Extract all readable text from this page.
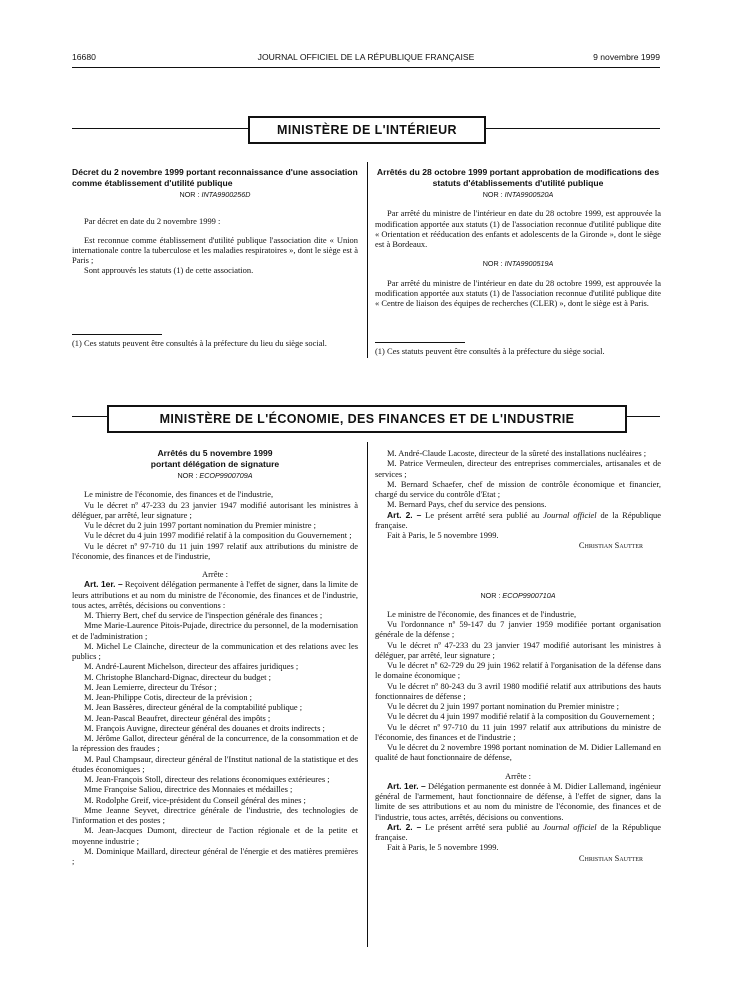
16680	JOURNAL OFFICIEL DE LA RÉPUBLIQUE FRANÇAISE	9 novembre 1999
MINISTÈRE DE L'INTÉRIEUR
Décret du 2 novembre 1999 portant reconnaissance d'une association comme établissement d'utilité publique
NOR : INTA9900256D

Par décret en date du 2 novembre 1999 :

Est reconnue comme établissement d'utilité publique l'association dite « Union internationale contre la tuberculose et les maladies respiratoires », dont le siège est à Paris ;

Sont approuvés les statuts (1) de cette association.

(1) Ces statuts peuvent être consultés à la préfecture du lieu du siège social.

Arrêtés du 28 octobre 1999 portant approbation de modifications des statuts d'établissements d'utilité publique
NOR : INTA9900520A

Par arrêté du ministre de l'intérieur en date du 28 octobre 1999, est approuvée la modification apportée aux statuts (1) de l'association reconnue d'utilité publique dite « Orientation et rééducation des enfants et adolescents de la Gironde », dont le siège est à Bordeaux.

NOR : INTA9900519A

Par arrêté du ministre de l'intérieur en date du 28 octobre 1999, est approuvée la modification apportée aux statuts (1) de l'association reconnue d'utilité publique dite « Centre de liaison des équipes de recherches (CLER) », dont le siège est à Paris.

(1) Ces statuts peuvent être consultés à la préfecture du siège social.

MINISTÈRE DE L'ÉCONOMIE, DES FINANCES ET DE L'INDUSTRIE
Arrêtés du 5 novembre 1999
portant délégation de signature
NOR : ECOP9900709A

Le ministre de l'économie, des finances et de l'industrie,

Vu le décret nº 47-233 du 23 janvier 1947 modifié autorisant les ministres à déléguer, par arrêté, leur signature ;

Vu le décret du 2 juin 1997 portant nomination du Premier ministre ;

Vu le décret du 4 juin 1997 modifié relatif à la composition du Gouvernement ;

Vu le décret nº 97-710 du 11 juin 1997 relatif aux attributions du ministre de l'économie, des finances et de l'industrie,

Arrête :

Art. 1er. – Reçoivent délégation permanente à l'effet de signer, dans la limite de leurs attributions et au nom du ministre de l'économie, des finances et de l'industrie, tous actes, arrêtés, décisions ou conventions :

M. Thierry Bert, chef du service de l'inspection générale des finances ;

Mme Marie-Laurence Pitois-Pujade, directrice du personnel, de la modernisation et de l'administration ;

M. Michel Le Clainche, directeur de la communication et des relations avec les publics ;

M. André-Laurent Michelson, directeur des affaires juridiques ;

M. Christophe Blanchard-Dignac, directeur du budget ;

M. Jean Lemierre, directeur du Trésor ;

M. Jean-Philippe Cotis, directeur de la prévision ;

M. Jean Bassères, directeur général de la comptabilité publique ;

M. Jean-Pascal Beaufret, directeur général des impôts ;

M. François Auvigne, directeur général des douanes et droits indirects ;

M. Jérôme Gallot, directeur général de la concurrence, de la consommation et de la répression des fraudes ;

M. Paul Champsaur, directeur général de l'Institut national de la statistique et des études économiques ;

M. Jean-François Stoll, directeur des relations économiques extérieures ;

Mme Françoise Saliou, directrice des Monnaies et médailles ;

M. Rodolphe Greif, vice-président du Conseil général des mines ;

Mme Jeanne Seyvet, directrice générale de l'industrie, des technologies de l'information et des postes ;

M. Jean-Jacques Dumont, directeur de l'action régionale et de la petite et moyenne industrie ;

M. Dominique Maillard, directeur général de l'énergie et des matières premières ;

M. André-Claude Lacoste, directeur de la sûreté des installations nucléaires ;

M. Patrice Vermeulen, directeur des entreprises commerciales, artisanales et de services ;

M. Bernard Schaefer, chef de mission de contrôle économique et financier, chargé du service du contrôle d'Etat ;

M. Bernard Pays, chef du service des pensions.

Art. 2. – Le présent arrêté sera publié au Journal officiel de la République française.

Fait à Paris, le 5 novembre 1999.

Christian Sautter

NOR : ECOP9900710A

Le ministre de l'économie, des finances et de l'industrie,

Vu l'ordonnance nº 59-147 du 7 janvier 1959 modifiée portant organisation générale de la défense ;

Vu le décret nº 47-233 du 23 janvier 1947 modifié autorisant les ministres à déléguer, par arrêté, leur signature ;

Vu le décret nº 62-729 du 29 juin 1962 relatif à l'organisation de la défense dans le domaine économique ;

Vu le décret nº 80-243 du 3 avril 1980 modifié relatif aux attributions des hauts fonctionnaires de défense ;

Vu le décret du 2 juin 1997 portant nomination du Premier ministre ;

Vu le décret du 4 juin 1997 modifié relatif à la composition du Gouvernement ;

Vu le décret nº 97-710 du 11 juin 1997 relatif aux attributions du ministre de l'économie, des finances et de l'industrie ;

Vu le décret du 2 novembre 1998 portant nomination de M. Didier Lallemand en qualité de haut fonctionnaire de défense,

Arrête :

Art. 1er. – Délégation permanente est donnée à M. Didier Lallemand, ingénieur général de l'armement, haut fonctionnaire de défense, à l'effet de signer, dans la limite de ses attributions et au nom du ministre de l'économie, des finances et de l'industrie, tous actes, arrêtés, décisions ou conventions.

Art. 2. – Le présent arrêté sera publié au Journal officiel de la République française.

Fait à Paris, le 5 novembre 1999.

Christian Sautter
